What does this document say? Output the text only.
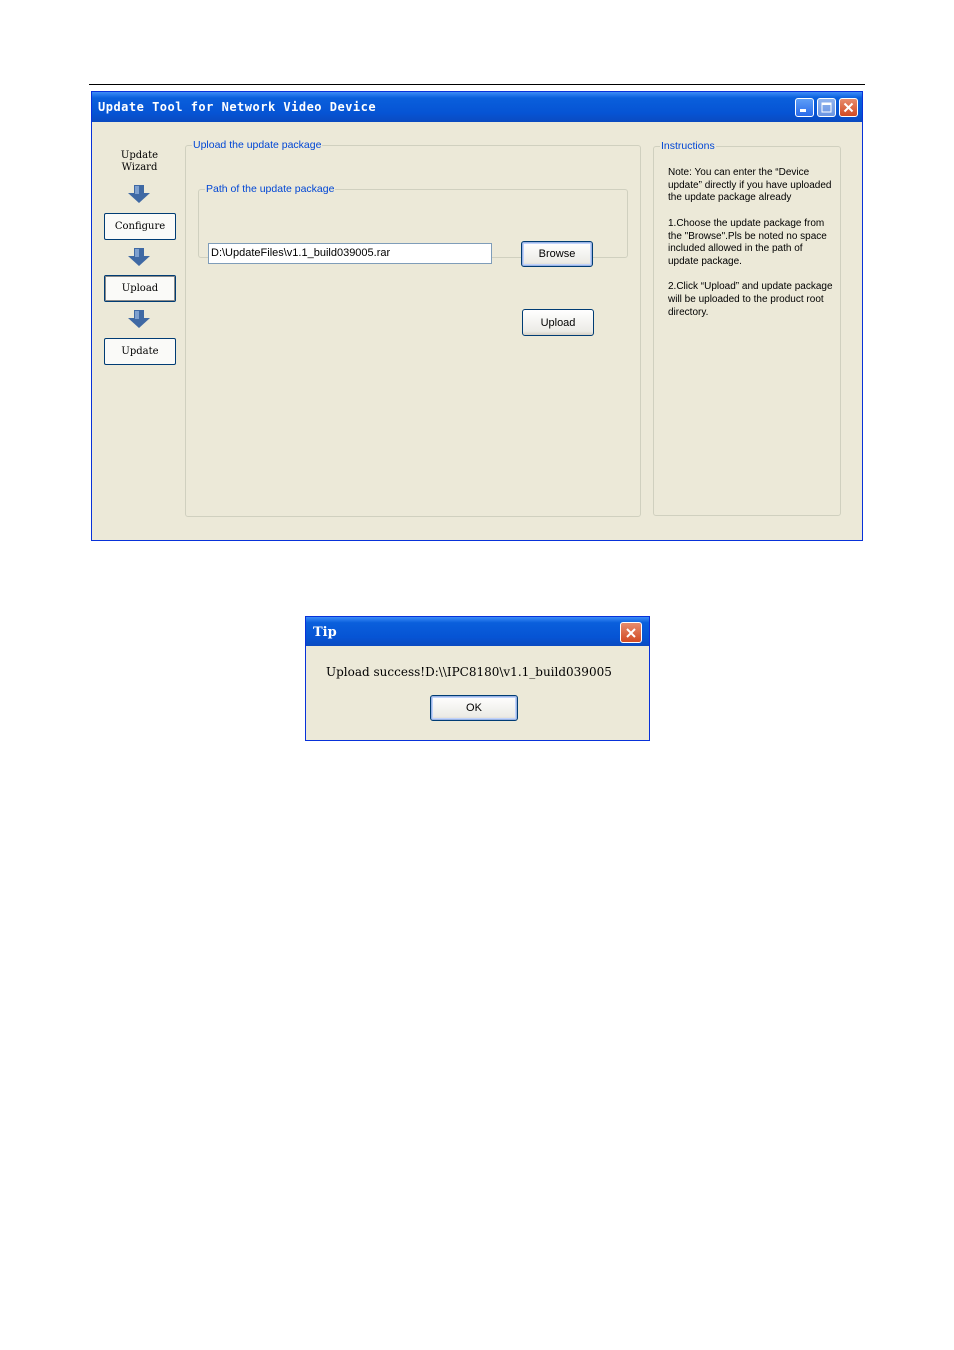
Update Tool for Network Video Device
Update
Wizard
Configure
Upload
Update
Upload the update package
Path of the update package
D:\UpdateFiles\v1.1_build039005.rar	Browse
Upload
Instructions

Note: You can enter the “Device update” directly if you have uploaded the update package already

1.Choose the update package from the "Browse".Pls be noted no space included allowed in the path of update package.

2.Click “Upload” and update package will be uploaded to the product root directory.

Tip
Upload success!D:\\IPC8180\v1.1_build039005
OK
